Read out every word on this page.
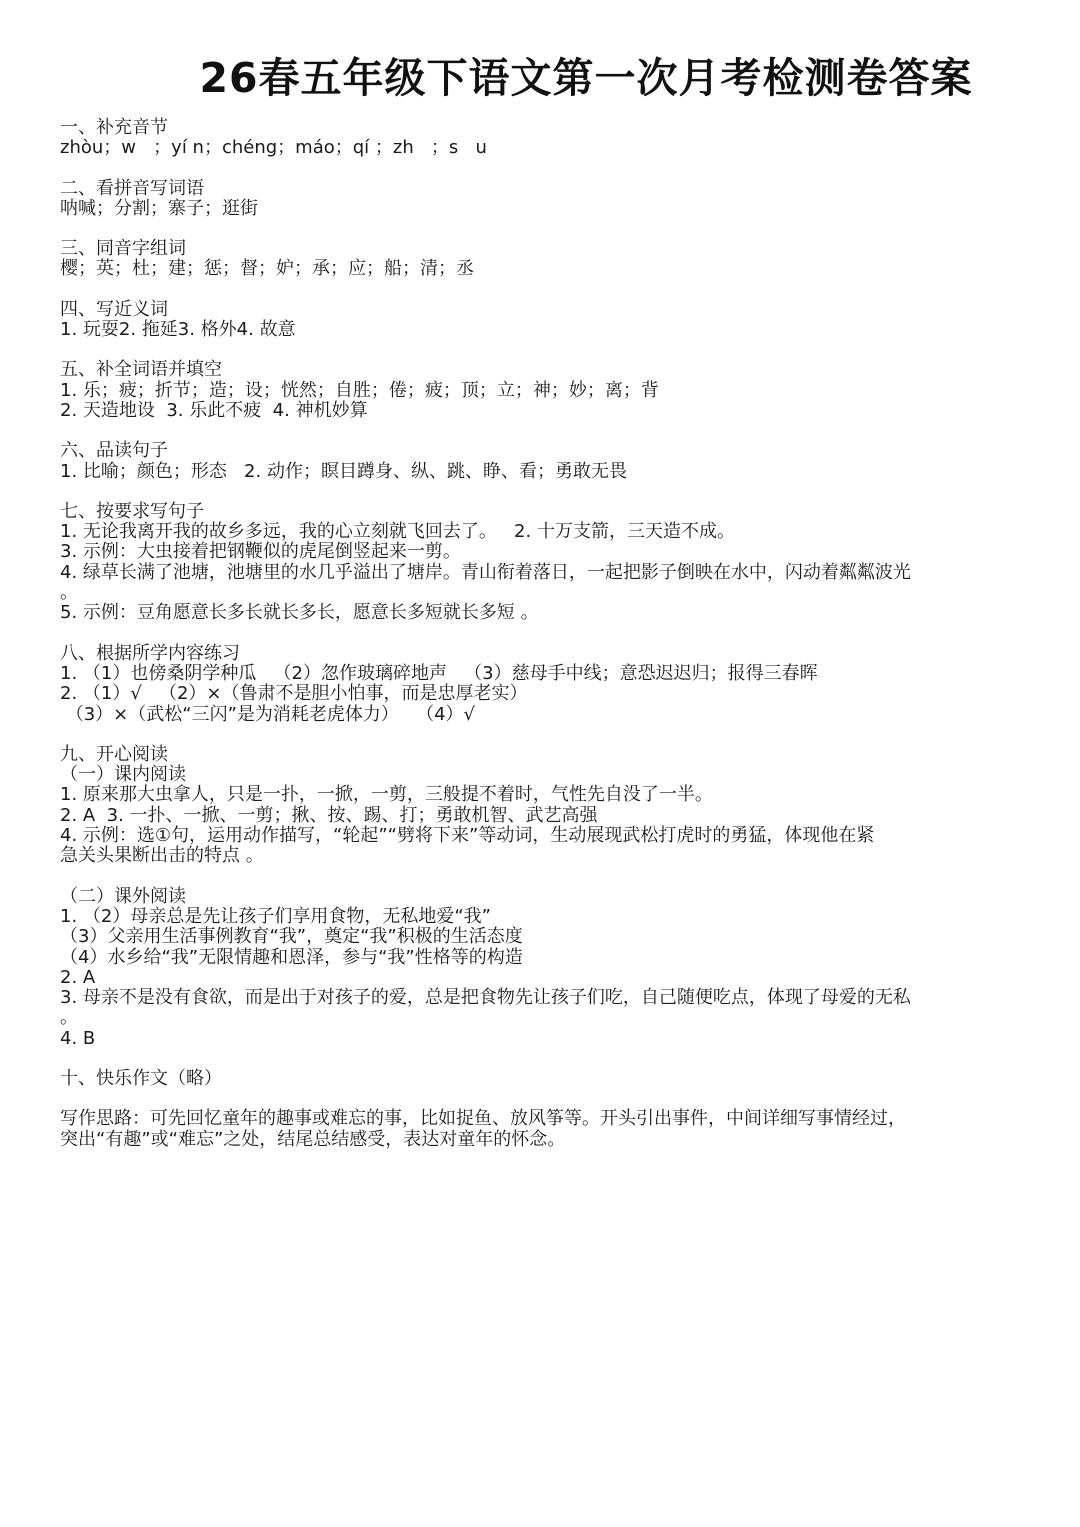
26春五年级下语文第一次月考检测卷答案
一、补充音节
zhòu；w   ；yí n；chéng；máo；qí ；zh   ；s   u
二、看拼音写词语
呐喊；分割；寨子；逛街
三、同音字组词
樱；英；杜；建；惩；督；妒；承；应；船；清；丞
四、写近义词
1. 玩耍2. 拖延3. 格外4. 故意
五、补全词语并填空
1. 乐；疲；折节；造；设；恍然；自胜；倦；疲；顶；立；神；妙；离；背
2. 天造地设  3. 乐此不疲  4. 神机妙算
六、品读句子
1. 比喻；颜色；形态   2. 动作；瞑目蹲身、纵、跳、睁、看；勇敢无畏
七、按要求写句子
1. 无论我离开我的故乡多远，我的心立刻就飞回去了。   2. 十万支箭，三天造不成。
3. 示例：大虫接着把钢鞭似的虎尾倒竖起来一剪。
4. 绿草长满了池塘，池塘里的水几乎溢出了塘岸。青山衔着落日，一起把影子倒映在水中，闪动着粼粼波光
。
5. 示例：豆角愿意长多长就长多长，愿意长多短就长多短 。
八、根据所学内容练习
1. （1）也傍桑阴学种瓜   （2）忽作玻璃碎地声   （3）慈母手中线；意恐迟迟归；报得三春晖
2. （1）√   （2）×（鲁肃不是胆小怕事，而是忠厚老实）
（3）×（武松“三闪”是为消耗老虎体力）   （4）√
九、开心阅读
（一）课内阅读
1. 原来那大虫拿人，只是一扑，一掀，一剪，三般提不着时，气性先自没了一半。
2. A  3. 一扑、一掀、一剪；揪、按、踢、打；勇敢机智、武艺高强
4. 示例：选①句，运用动作描写，“轮起”“劈将下来”等动词，生动展现武松打虎时的勇猛，体现他在紧
急关头果断出击的特点 。
（二）课外阅读
1. （2）母亲总是先让孩子们享用食物，无私地爱“我”
（3）父亲用生活事例教育“我”，奠定“我”积极的生活态度
（4）水乡给“我”无限情趣和恩泽，参与“我”性格等的构造
2. A
3. 母亲不是没有食欲，而是出于对孩子的爱，总是把食物先让孩子们吃，自己随便吃点，体现了母爱的无私
。
4. B
十、快乐作文（略）
写作思路：可先回忆童年的趣事或难忘的事，比如捉鱼、放风筝等。开头引出事件，中间详细写事情经过，
突出“有趣”或“难忘”之处，结尾总结感受，表达对童年的怀念。
